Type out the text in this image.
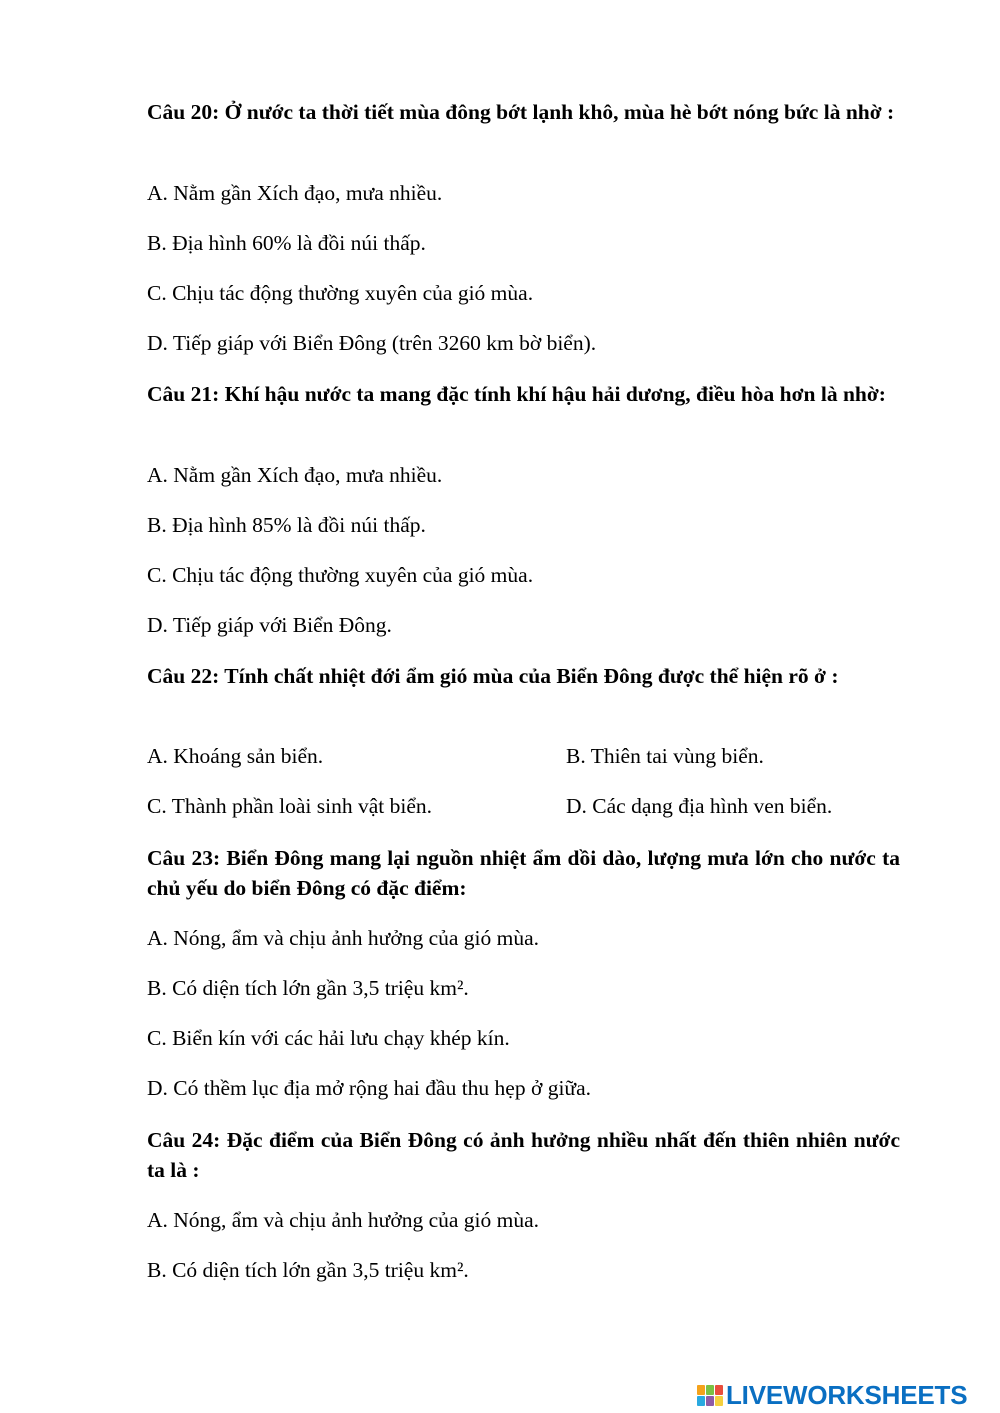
Câu 20: Ở nước ta thời tiết mùa đông bớt lạnh khô, mùa hè bớt nóng bức là nhờ :
A. Nằm gần Xích đạo, mưa nhiều.
B. Địa hình 60% là đồi núi thấp.
C. Chịu tác động thường xuyên của gió mùa.
D. Tiếp giáp với Biển Đông (trên 3260 km bờ biển).
Câu 21: Khí hậu nước ta mang đặc tính khí hậu hải dương, điều hòa hơn là nhờ:
A. Nằm gần Xích đạo, mưa nhiều.
B. Địa hình 85% là đồi núi thấp.
C. Chịu tác động thường xuyên của gió mùa.
D. Tiếp giáp với Biển Đông.
Câu 22: Tính chất nhiệt đới ẩm gió mùa của Biển Đông được thể hiện rõ ở :
A. Khoáng sản biển.	B. Thiên tai vùng biển.
C. Thành phần loài sinh vật biển.	D. Các dạng địa hình ven biển.
Câu 23: Biển Đông mang lại nguồn nhiệt ẩm dồi dào, lượng mưa lớn cho nước ta chủ yếu do biển Đông có đặc điểm:
A. Nóng, ẩm và chịu ảnh hưởng của gió mùa.
B. Có diện tích lớn gần 3,5 triệu km².
C. Biển kín với các hải lưu chạy khép kín.
D. Có thềm lục địa mở rộng hai đầu thu hẹp ở giữa.
Câu 24: Đặc điểm của Biển Đông có ảnh hưởng nhiều nhất đến thiên nhiên nước ta là :
A. Nóng, ẩm và chịu ảnh hưởng của gió mùa.
B. Có diện tích lớn gần 3,5 triệu km².
LIVEWORKSHEETS
